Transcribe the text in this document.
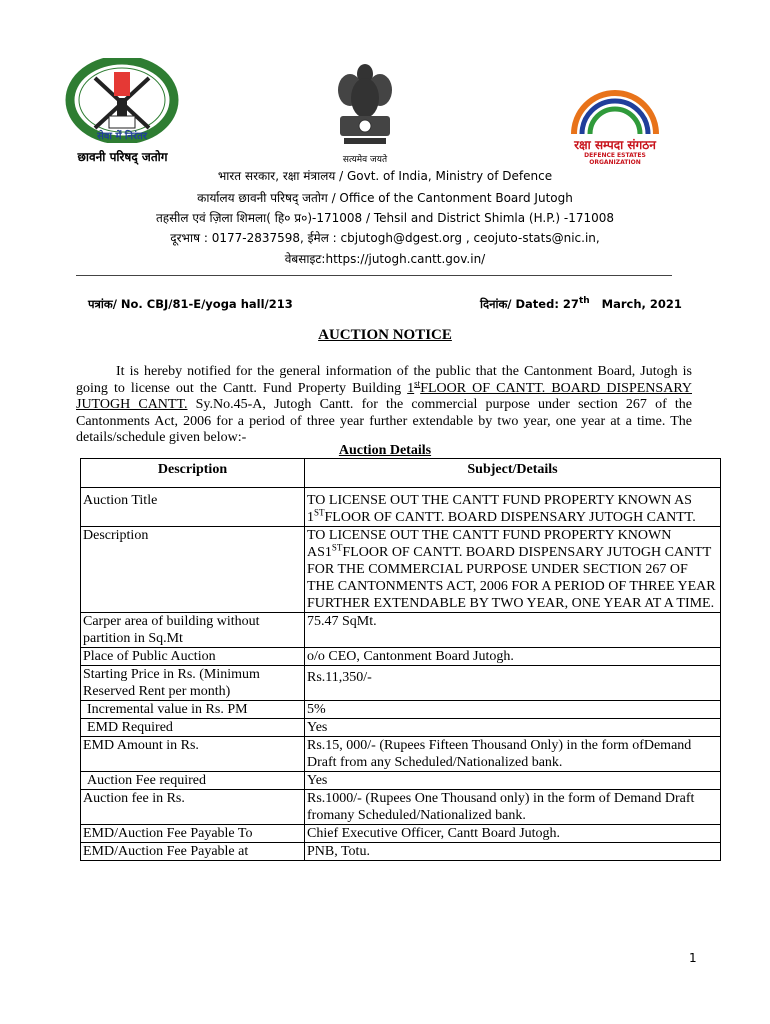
सेवा में निरंतर
छावनी परिषद् जतोग	सत्यमेव जयते
रक्षा सम्पदा संगठन
DEFENCE ESTATES ORGANIZATION
भारत सरकार, रक्षा मंत्रालय / Govt. of India, Ministry of Defence
कार्यालय छावनी परिषद् जतोग / Office of the Cantonment Board Jutogh
तहसील एवं ज़िला शिमला( हि० प्र०)-171008 / Tehsil and District Shimla (H.P.) -171008
दूरभाष : 0177-2837598, ईमेल : cbjutogh@dgest.org , ceojuto-stats@nic.in,
वेबसाइट:https://jutogh.cantt.gov.in/
पत्रांक/ No. CBJ/81-E/yoga hall/213	दिनांक/ Dated: 27th March, 2021
AUCTION NOTICE
It is hereby notified for the general information of the public that the Cantonment Board, Jutogh is going to license out the Cantt. Fund Property Building 1stFLOOR OF CANTT. BOARD DISPENSARY JUTOGH CANTT. Sy.No.45-A, Jutogh Cantt. for the commercial purpose under section 267 of the Cantonments Act, 2006 for a period of three year further extendable by two year, one year at a time. The details/schedule given below:-
Auction Details
Description	Subject/Details
Auction Title	TO LICENSE OUT THE CANTT FUND PROPERTY KNOWN AS 1STFLOOR OF CANTT. BOARD DISPENSARY JUTOGH CANTT.
Description	TO LICENSE OUT THE CANTT FUND PROPERTY KNOWN AS1STFLOOR OF CANTT. BOARD DISPENSARY JUTOGH CANTT FOR THE COMMERCIAL PURPOSE UNDER SECTION 267 OF THE CANTONMENTS ACT, 2006 FOR A PERIOD OF THREE YEAR FURTHER EXTENDABLE BY TWO YEAR, ONE YEAR AT A TIME.
Carper area of building without partition in Sq.Mt	75.47 SqMt.
Place of Public Auction	o/o CEO, Cantonment Board Jutogh.
Starting Price in Rs. (Minimum Reserved Rent per month)	Rs.11,350/-
Incremental value in Rs. PM	5%
EMD Required	Yes
EMD Amount in Rs.	Rs.15, 000/- (Rupees Fifteen Thousand Only) in the form ofDemand Draft from any Scheduled/Nationalized bank.
Auction Fee required	Yes
Auction fee in Rs.	Rs.1000/- (Rupees One Thousand only) in the form of Demand Draft fromany Scheduled/Nationalized bank.
EMD/Auction Fee Payable To	Chief Executive Officer, Cantt Board Jutogh.
EMD/Auction Fee Payable at	PNB, Totu.
1
